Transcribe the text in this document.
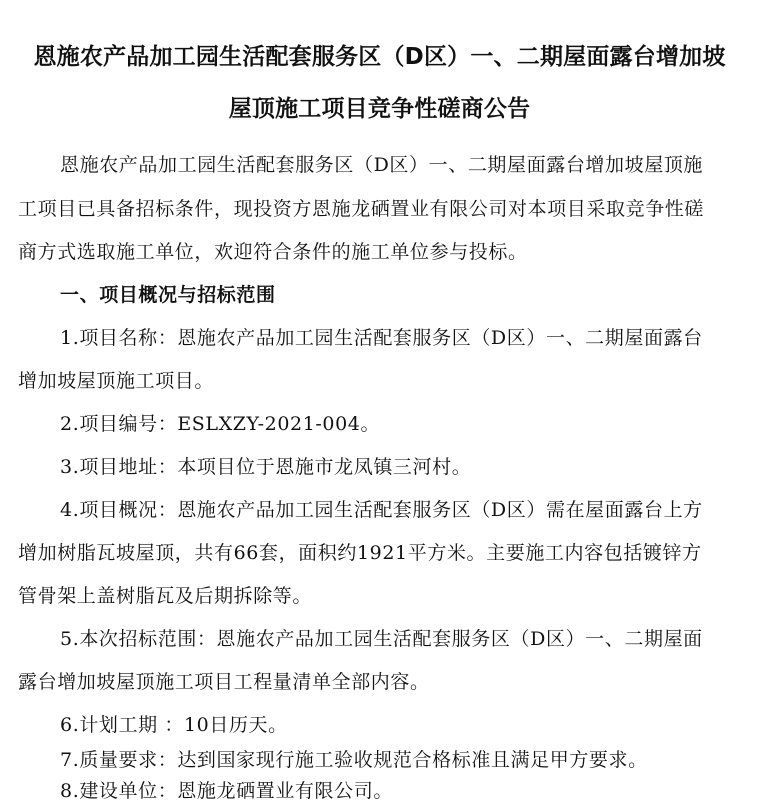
恩施农产品加工园生活配套服务区（D区）一、二期屋面露台增加坡
屋顶施工项目竞争性磋商公告
恩施农产品加工园生活配套服务区（D区）一、二期屋面露台增加坡屋顶施
工项目已具备招标条件，现投资方恩施龙硒置业有限公司对本项目采取竞争性磋
商方式选取施工单位，欢迎符合条件的施工单位参与投标。
一、项目概况与招标范围
1.项目名称：恩施农产品加工园生活配套服务区（D区）一、二期屋面露台
增加坡屋顶施工项目。
2.项目编号：ESLXZY-2021-004。
3.项目地址：本项目位于恩施市龙凤镇三河村。
4.项目概况：恩施农产品加工园生活配套服务区（D区）需在屋面露台上方
增加树脂瓦坡屋顶，共有66套，面积约1921平方米。主要施工内容包括镀锌方
管骨架上盖树脂瓦及后期拆除等。
5.本次招标范围：恩施农产品加工园生活配套服务区（D区）一、二期屋面
露台增加坡屋顶施工项目工程量清单全部内容。
6.计划工期 ：10日历天。
7.质量要求：达到国家现行施工验收规范合格标准且满足甲方要求。
8.建设单位：恩施龙硒置业有限公司。
